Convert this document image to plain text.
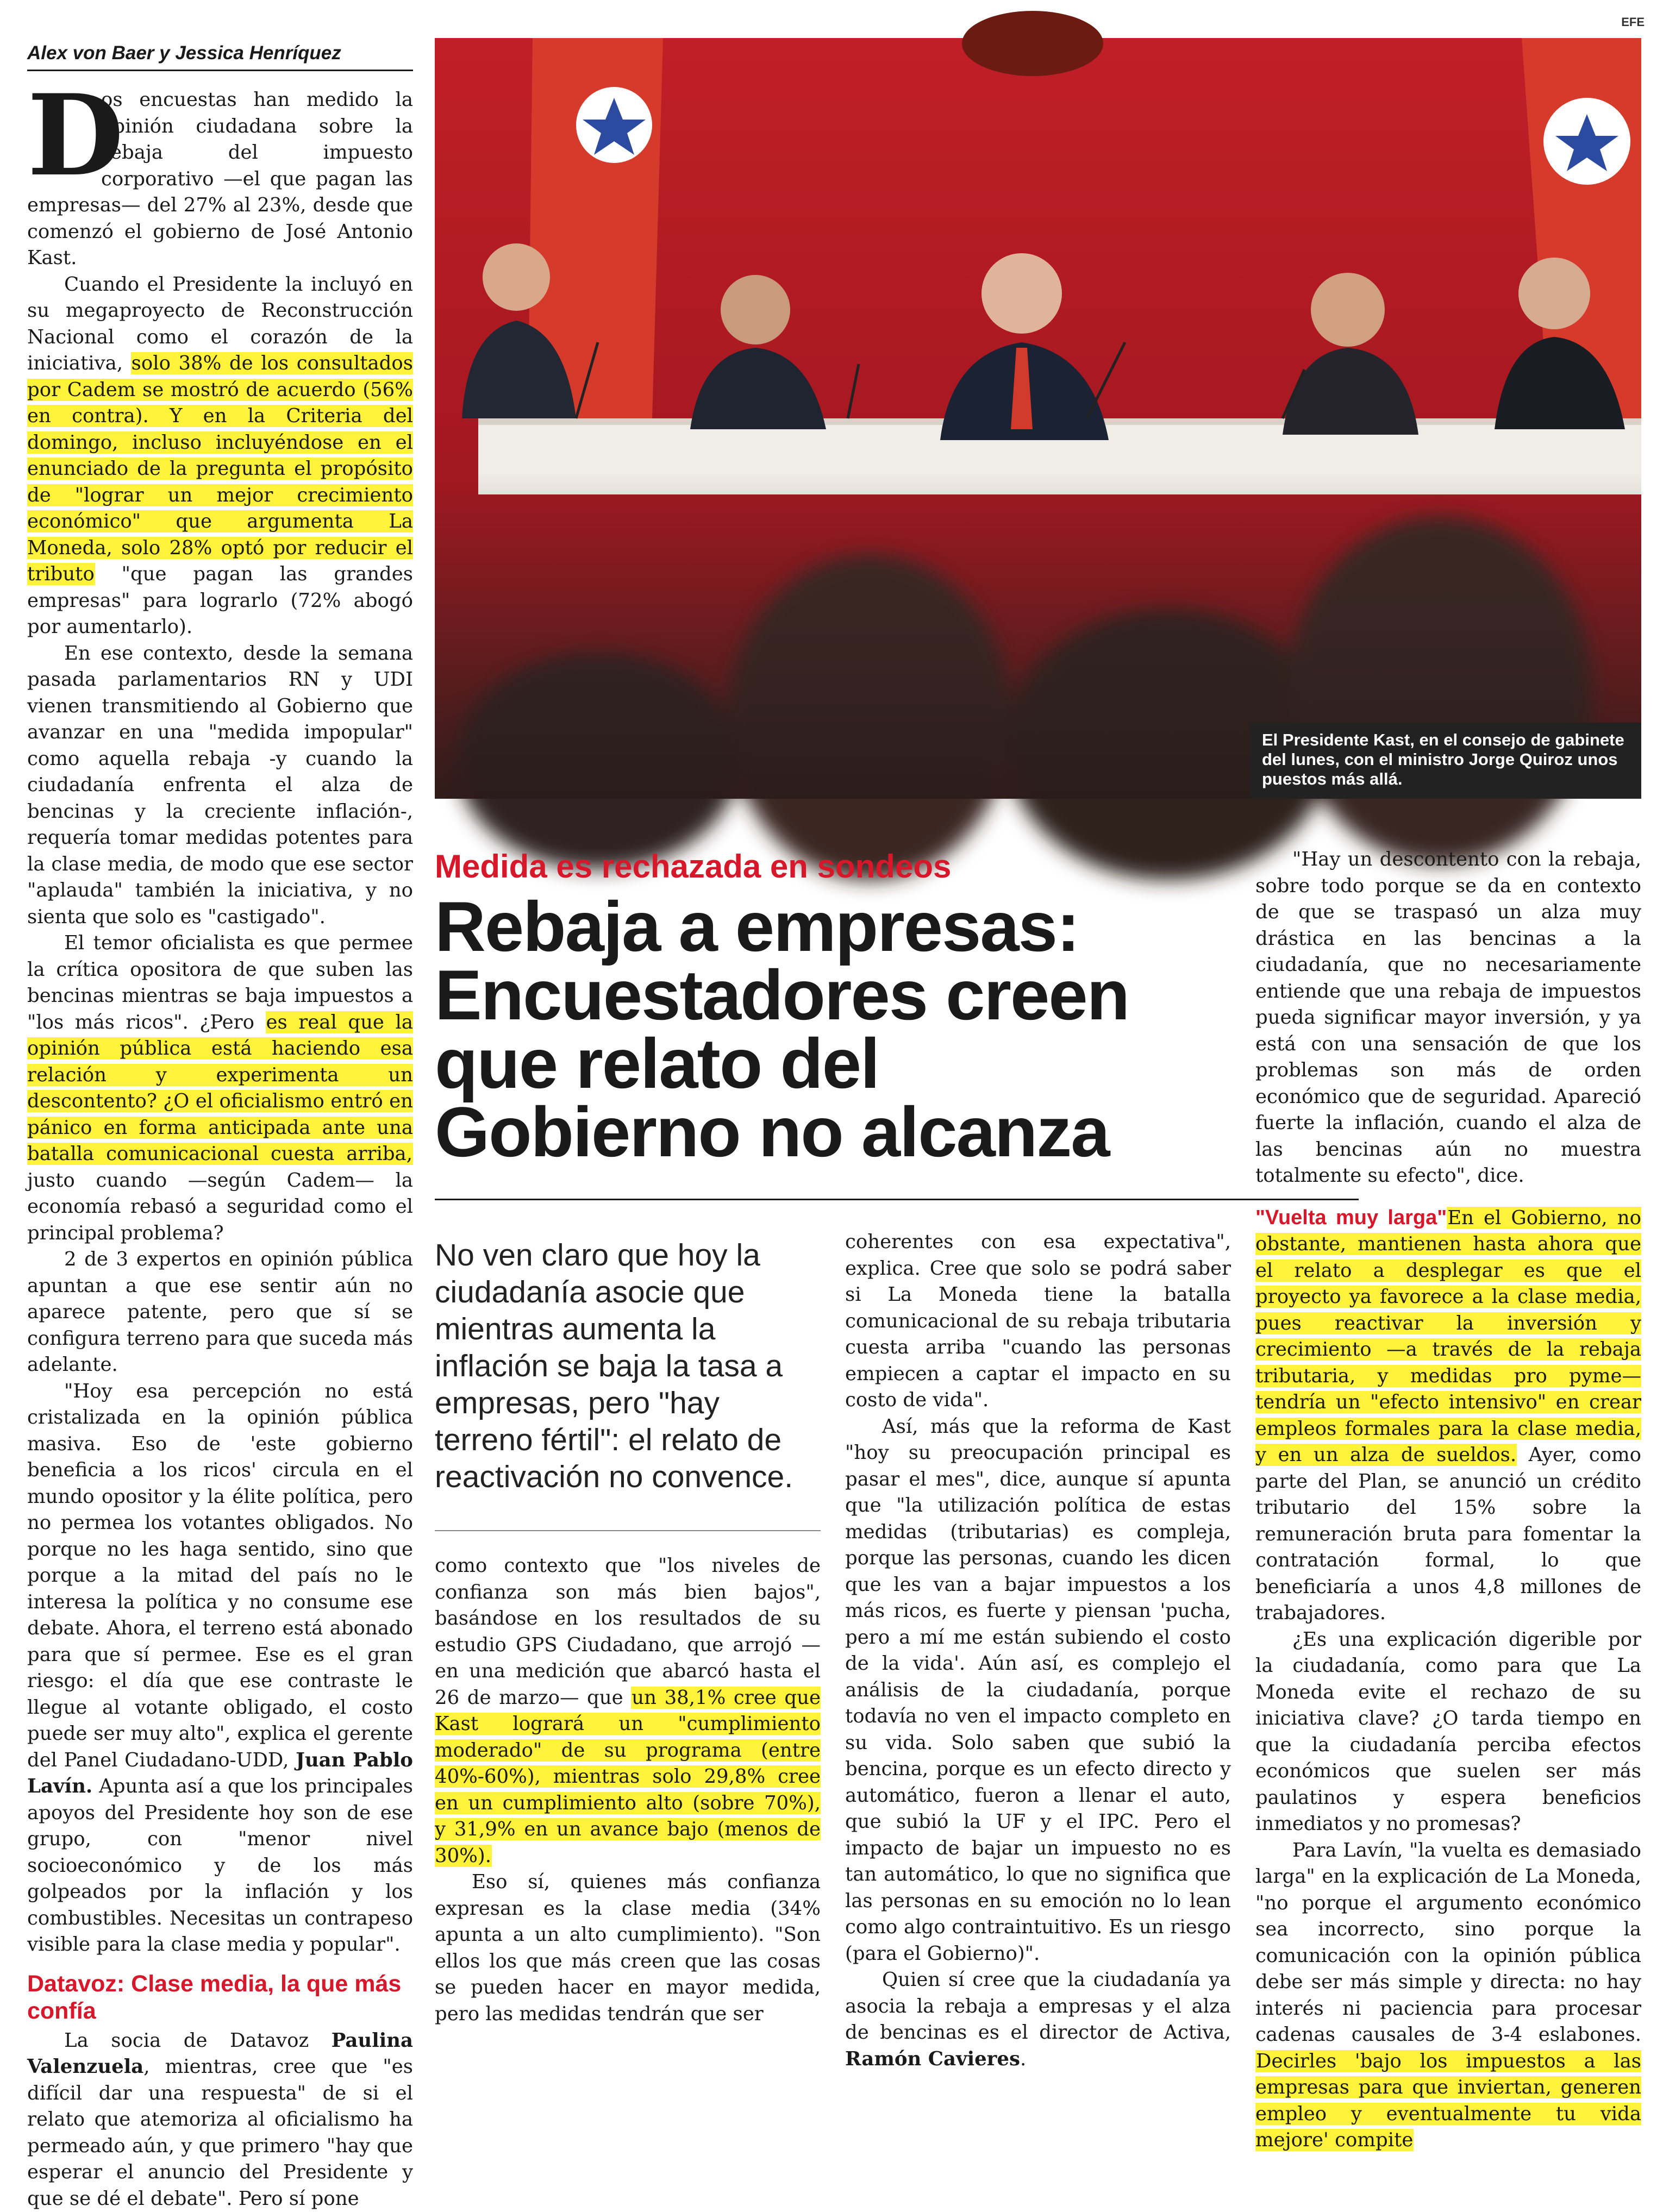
Alex von Baer y Jessica Henríquez
EFE

D
os encuestas han medido la opinión ciudadana sobre la rebaja del impuesto corporativo —el que pagan las empresas— del 27% al 23%, desde que comenzó el gobierno de José Antonio Kast.

Cuando el Presidente la incluyó en su megaproyecto de Reconstrucción Nacional como el corazón de la iniciativa, solo 38% de los consultados por Cadem se mostró de acuerdo (56% en contra). Y en la Criteria del domingo, incluso incluyéndose en el enunciado de la pregunta el propósito de "lograr un mejor crecimiento económico" que argumenta La Moneda, solo 28% optó por reducir el tributo "que pagan las grandes empresas" para lograrlo (72% abogó por aumentarlo).

En ese contexto, desde la semana pasada parlamentarios RN y UDI vienen transmitiendo al Gobierno que avanzar en una "medida impopular" como aquella rebaja -y cuando la ciudadanía enfrenta el alza de bencinas y la creciente inflación-, requería tomar medidas potentes para la clase media, de modo que ese sector "aplauda" también la iniciativa, y no sienta que solo es "castigado".

El temor oficialista es que permee la crítica opositora de que suben las bencinas mientras se baja impuestos a "los más ricos". ¿Pero es real que la opinión pública está haciendo esa relación y experimenta un descontento? ¿O el oficialismo entró en pánico en forma anticipada ante una batalla comunicacional cuesta arriba, justo cuando —según Cadem— la economía rebasó a seguridad como el principal problema?

2 de 3 expertos en opinión pública apuntan a que ese sentir aún no aparece patente, pero que sí se configura terreno para que suceda más adelante.

"Hoy esa percepción no está cristalizada en la opinión pública masiva. Eso de 'este gobierno beneficia a los ricos' circula en el mundo opositor y la élite política, pero no permea los votantes obligados. No porque no les haga sentido, sino que porque a la mitad del país no le interesa la política y no consume ese debate. Ahora, el terreno está abonado para que sí permee. Ese es el gran riesgo: el día que ese contraste le llegue al votante obligado, el costo puede ser muy alto", explica el gerente del Panel Ciudadano-UDD, Juan Pablo Lavín. Apunta así a que los principales apoyos del Presidente hoy son de ese grupo, con "menor nivel socioeconómico y de los más golpeados por la inflación y los combustibles. Necesitas un contrapeso visible para la clase media y popular".

Datavoz: Clase media, la que más confía

La socia de Datavoz Paulina Valenzuela, mientras, cree que "es difícil dar una respuesta" de si el relato que atemoriza al oficialismo ha permeado aún, y que primero "hay que esperar el anuncio del Presidente y que se dé el debate". Pero sí pone

El Presidente Kast, en el consejo de gabinete del lunes, con el ministro Jorge Quiroz unos puestos más allá.
Medida es rechazada en sondeos
Rebaja a empresas:
Encuestadores creen
que relato del
Gobierno no alcanza
No ven claro que hoy la ciudadanía asocie que mientras aumenta la inflación se baja la tasa a empresas, pero "hay terreno fértil": el relato de reactivación no convence.

como contexto que "los niveles de confianza son más bien bajos", basándose en los resultados de su estudio GPS Ciudadano, que arrojó —en una medición que abarcó hasta el 26 de marzo— que un 38,1% cree que Kast logrará un "cumplimiento moderado" de su programa (entre 40%-60%), mientras solo 29,8% cree en un cumplimiento alto (sobre 70%), y 31,9% en un avance bajo (menos de 30%).

Eso sí, quienes más confianza expresan es la clase media (34% apunta a un alto cumplimiento). "Son ellos los que más creen que las cosas se pueden hacer en mayor medida, pero las medidas tendrán que ser

coherentes con esa expectativa", explica. Cree que solo se podrá saber si La Moneda tiene la batalla comunicacional de su rebaja tributaria cuesta arriba "cuando las personas empiecen a captar el impacto en su costo de vida".

Así, más que la reforma de Kast "hoy su preocupación principal es pasar el mes", dice, aunque sí apunta que "la utilización política de estas medidas (tributarias) es compleja, porque las personas, cuando les dicen que les van a bajar impuestos a los más ricos, es fuerte y piensan 'pucha, pero a mí me están subiendo el costo de la vida'. Aún así, es complejo el análisis de la ciudadanía, porque todavía no ven el impacto completo en su vida. Solo saben que subió la bencina, porque es un efecto directo y automático, fueron a llenar el auto, que subió la UF y el IPC. Pero el impacto de bajar un impuesto no es tan automático, lo que no significa que las personas en su emoción no lo lean como algo contraintuitivo. Es un riesgo (para el Gobierno)".

Quien sí cree que la ciudadanía ya asocia la rebaja a empresas y el alza de bencinas es el director de Activa, Ramón Cavieres.

"Hay un descontento con la rebaja, sobre todo porque se da en contexto de que se traspasó un alza muy drástica en las bencinas a la ciudadanía, que no necesariamente entiende que una rebaja de impuestos pueda significar mayor inversión, y ya está con una sensación de que los problemas son más de orden económico que de seguridad. Apareció fuerte la inflación, cuando el alza de las bencinas aún no muestra totalmente su efecto", dice.

"Vuelta muy larga"En el Gobierno, no obstante, mantienen hasta ahora que el relato a desplegar es que el proyecto ya favorece a la clase media, pues reactivar la inversión y crecimiento —a través de la rebaja tributaria, y medidas pro pyme— tendría un "efecto intensivo" en crear empleos formales para la clase media, y en un alza de sueldos. Ayer, como parte del Plan, se anunció un crédito tributario del 15% sobre la remuneración bruta para fomentar la contratación formal, lo que beneficiaría a unos 4,8 millones de trabajadores.

¿Es una explicación digerible por la ciudadanía, como para que La Moneda evite el rechazo de su iniciativa clave? ¿O tarda tiempo en que la ciudadanía perciba efectos económicos que suelen ser más paulatinos y espera beneficios inmediatos y no promesas?

Para Lavín, "la vuelta es demasiado larga" en la explicación de La Moneda, "no porque el argumento económico sea incorrecto, sino porque la comunicación con la opinión pública debe ser más simple y directa: no hay interés ni paciencia para procesar cadenas causales de 3-4 eslabones. Decirles 'bajo los impuestos a las empresas para que inviertan, generen empleo y eventualmente tu vida mejore' compite
